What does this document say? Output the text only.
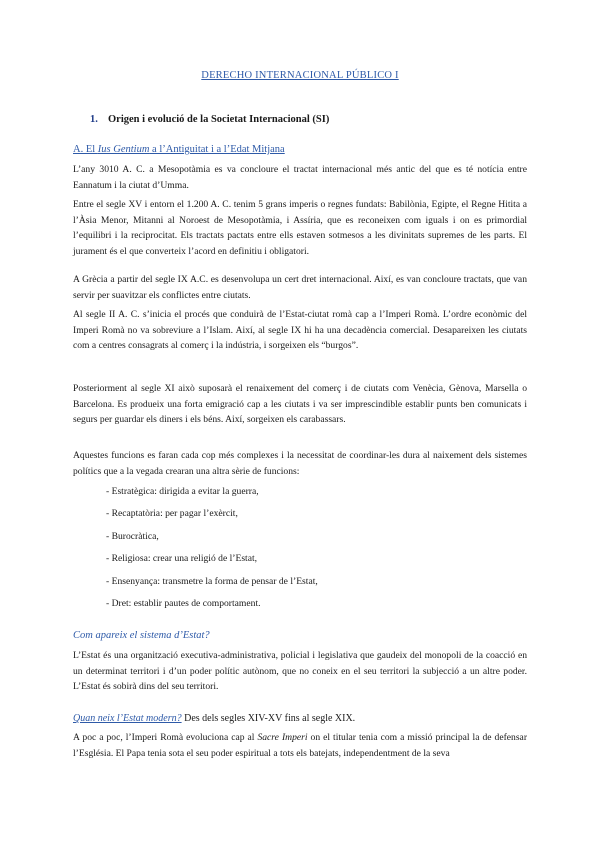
DERECHO INTERNACIONAL PÚBLICO I
1. Origen i evolució de la Societat Internacional (SI)
A. El Ius Gentium a l’Antiguitat i a l’Edat Mitjana
L’any 3010 A. C. a Mesopotàmia es va concloure el tractat internacional més antic del que es té notícia entre Eannatum i la ciutat d’Umma.
Entre el segle XV i entorn el 1.200 A. C. tenim 5 grans imperis o regnes fundats: Babilònia, Egipte, el Regne Hitita a l’Àsia Menor, Mitanni al Noroest de Mesopotàmia, i Assíria, que es reconeixen com iguals i on es primordial l’equilibri i la reciprocitat. Els tractats pactats entre ells estaven sotmesos a les divinitats supremes de les parts. El jurament és el que converteix l’acord en definitiu i obligatori.
A Grècia a partir del segle IX A.C. es desenvolupa un cert dret internacional. Així, es van concloure tractats, que van servir per suavitzar els conflictes entre ciutats.
Al segle II A. C. s’inicia el procés que conduirà de l’Estat-ciutat romà cap a l’Imperi Romà. L’ordre econòmic del Imperi Romà no va sobreviure a l’Islam. Així, al segle IX hi ha una decadència comercial. Desapareixen les ciutats com a centres consagrats al comerç i la indústria, i sorgeixen els “burgos”.
Posteriorment al segle XI això suposarà el renaixement del comerç i de ciutats com Venècia, Gènova, Marsella o Barcelona. Es produeix una forta emigració cap a les ciutats i va ser imprescindible establir punts ben comunicats i segurs per guardar els diners i els béns. Així, sorgeixen els carabassars.
Aquestes funcions es faran cada cop més complexes i la necessitat de coordinar-les dura al naixement dels sistemes polítics que a la vegada crearan una altra sèrie de funcions:
- Estratègica: dirigida a evitar la guerra,
- Recaptatòria: per pagar l’exèrcit,
- Burocràtica,
- Religiosa: crear una religió de l’Estat,
- Ensenyança: transmetre la forma de pensar de l’Estat,
- Dret: establir pautes de comportament.
Com apareix el sistema d’Estat?
L’Estat és una organització executiva-administrativa, policial i legislativa que gaudeix del monopoli de la coacció en un determinat territori i d’un poder polític autònom, que no coneix en el seu territori la subjecció a un altre poder. L’Estat és sobirà dins del seu territori.
Quan neix l’Estat modern? Des dels segles XIV-XV fins al segle XIX.
A poc a poc, l’Imperi Romà evoluciona cap al Sacre Imperi on el titular tenia com a missió principal la de defensar l’Església. El Papa tenia sota el seu poder espiritual a tots els batejats, independentment de la seva
